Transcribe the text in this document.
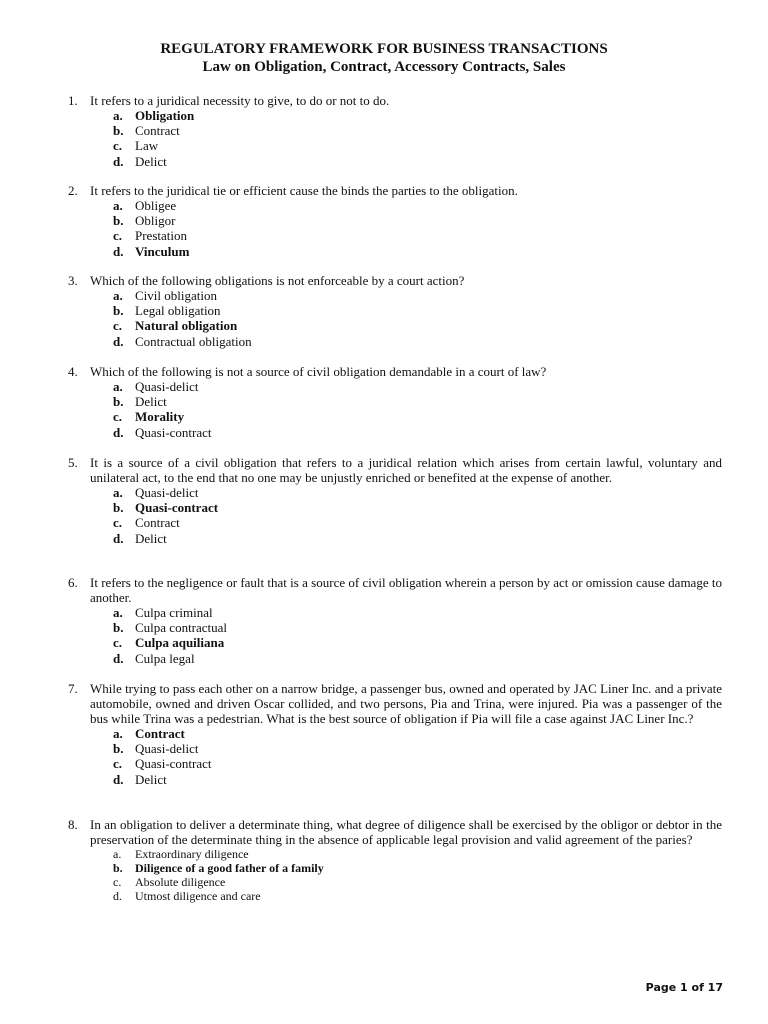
REGULATORY FRAMEWORK FOR BUSINESS TRANSACTIONS
Law on Obligation, Contract, Accessory Contracts, Sales
1. It refers to a juridical necessity to give, to do or not to do.
a. Obligation
b. Contract
c. Law
d. Delict
2. It refers to the juridical tie or efficient cause the binds the parties to the obligation.
a. Obligee
b. Obligor
c. Prestation
d. Vinculum
3. Which of the following obligations is not enforceable by a court action?
a. Civil obligation
b. Legal obligation
c. Natural obligation
d. Contractual obligation
4. Which of the following is not a source of civil obligation demandable in a court of law?
a. Quasi-delict
b. Delict
c. Morality
d. Quasi-contract
5. It is a source of a civil obligation that refers to a juridical relation which arises from certain lawful, voluntary and unilateral act, to the end that no one may be unjustly enriched or benefited at the expense of another.
a. Quasi-delict
b. Quasi-contract
c. Contract
d. Delict
6. It refers to the negligence or fault that is a source of civil obligation wherein a person by act or omission cause damage to another.
a. Culpa criminal
b. Culpa contractual
c. Culpa aquiliana
d. Culpa legal
7. While trying to pass each other on a narrow bridge, a passenger bus, owned and operated by JAC Liner Inc. and a private automobile, owned and driven Oscar collided, and two persons, Pia and Trina, were injured. Pia was a passenger of the bus while Trina was a pedestrian. What is the best source of obligation if Pia will file a case against JAC Liner Inc.?
a. Contract
b. Quasi-delict
c. Quasi-contract
d. Delict
8. In an obligation to deliver a determinate thing, what degree of diligence shall be exercised by the obligor or debtor in the preservation of the determinate thing in the absence of applicable legal provision and valid agreement of the paries?
a. Extraordinary diligence
b. Diligence of a good father of a family
c. Absolute diligence
d. Utmost diligence and care
Page 1 of 17
